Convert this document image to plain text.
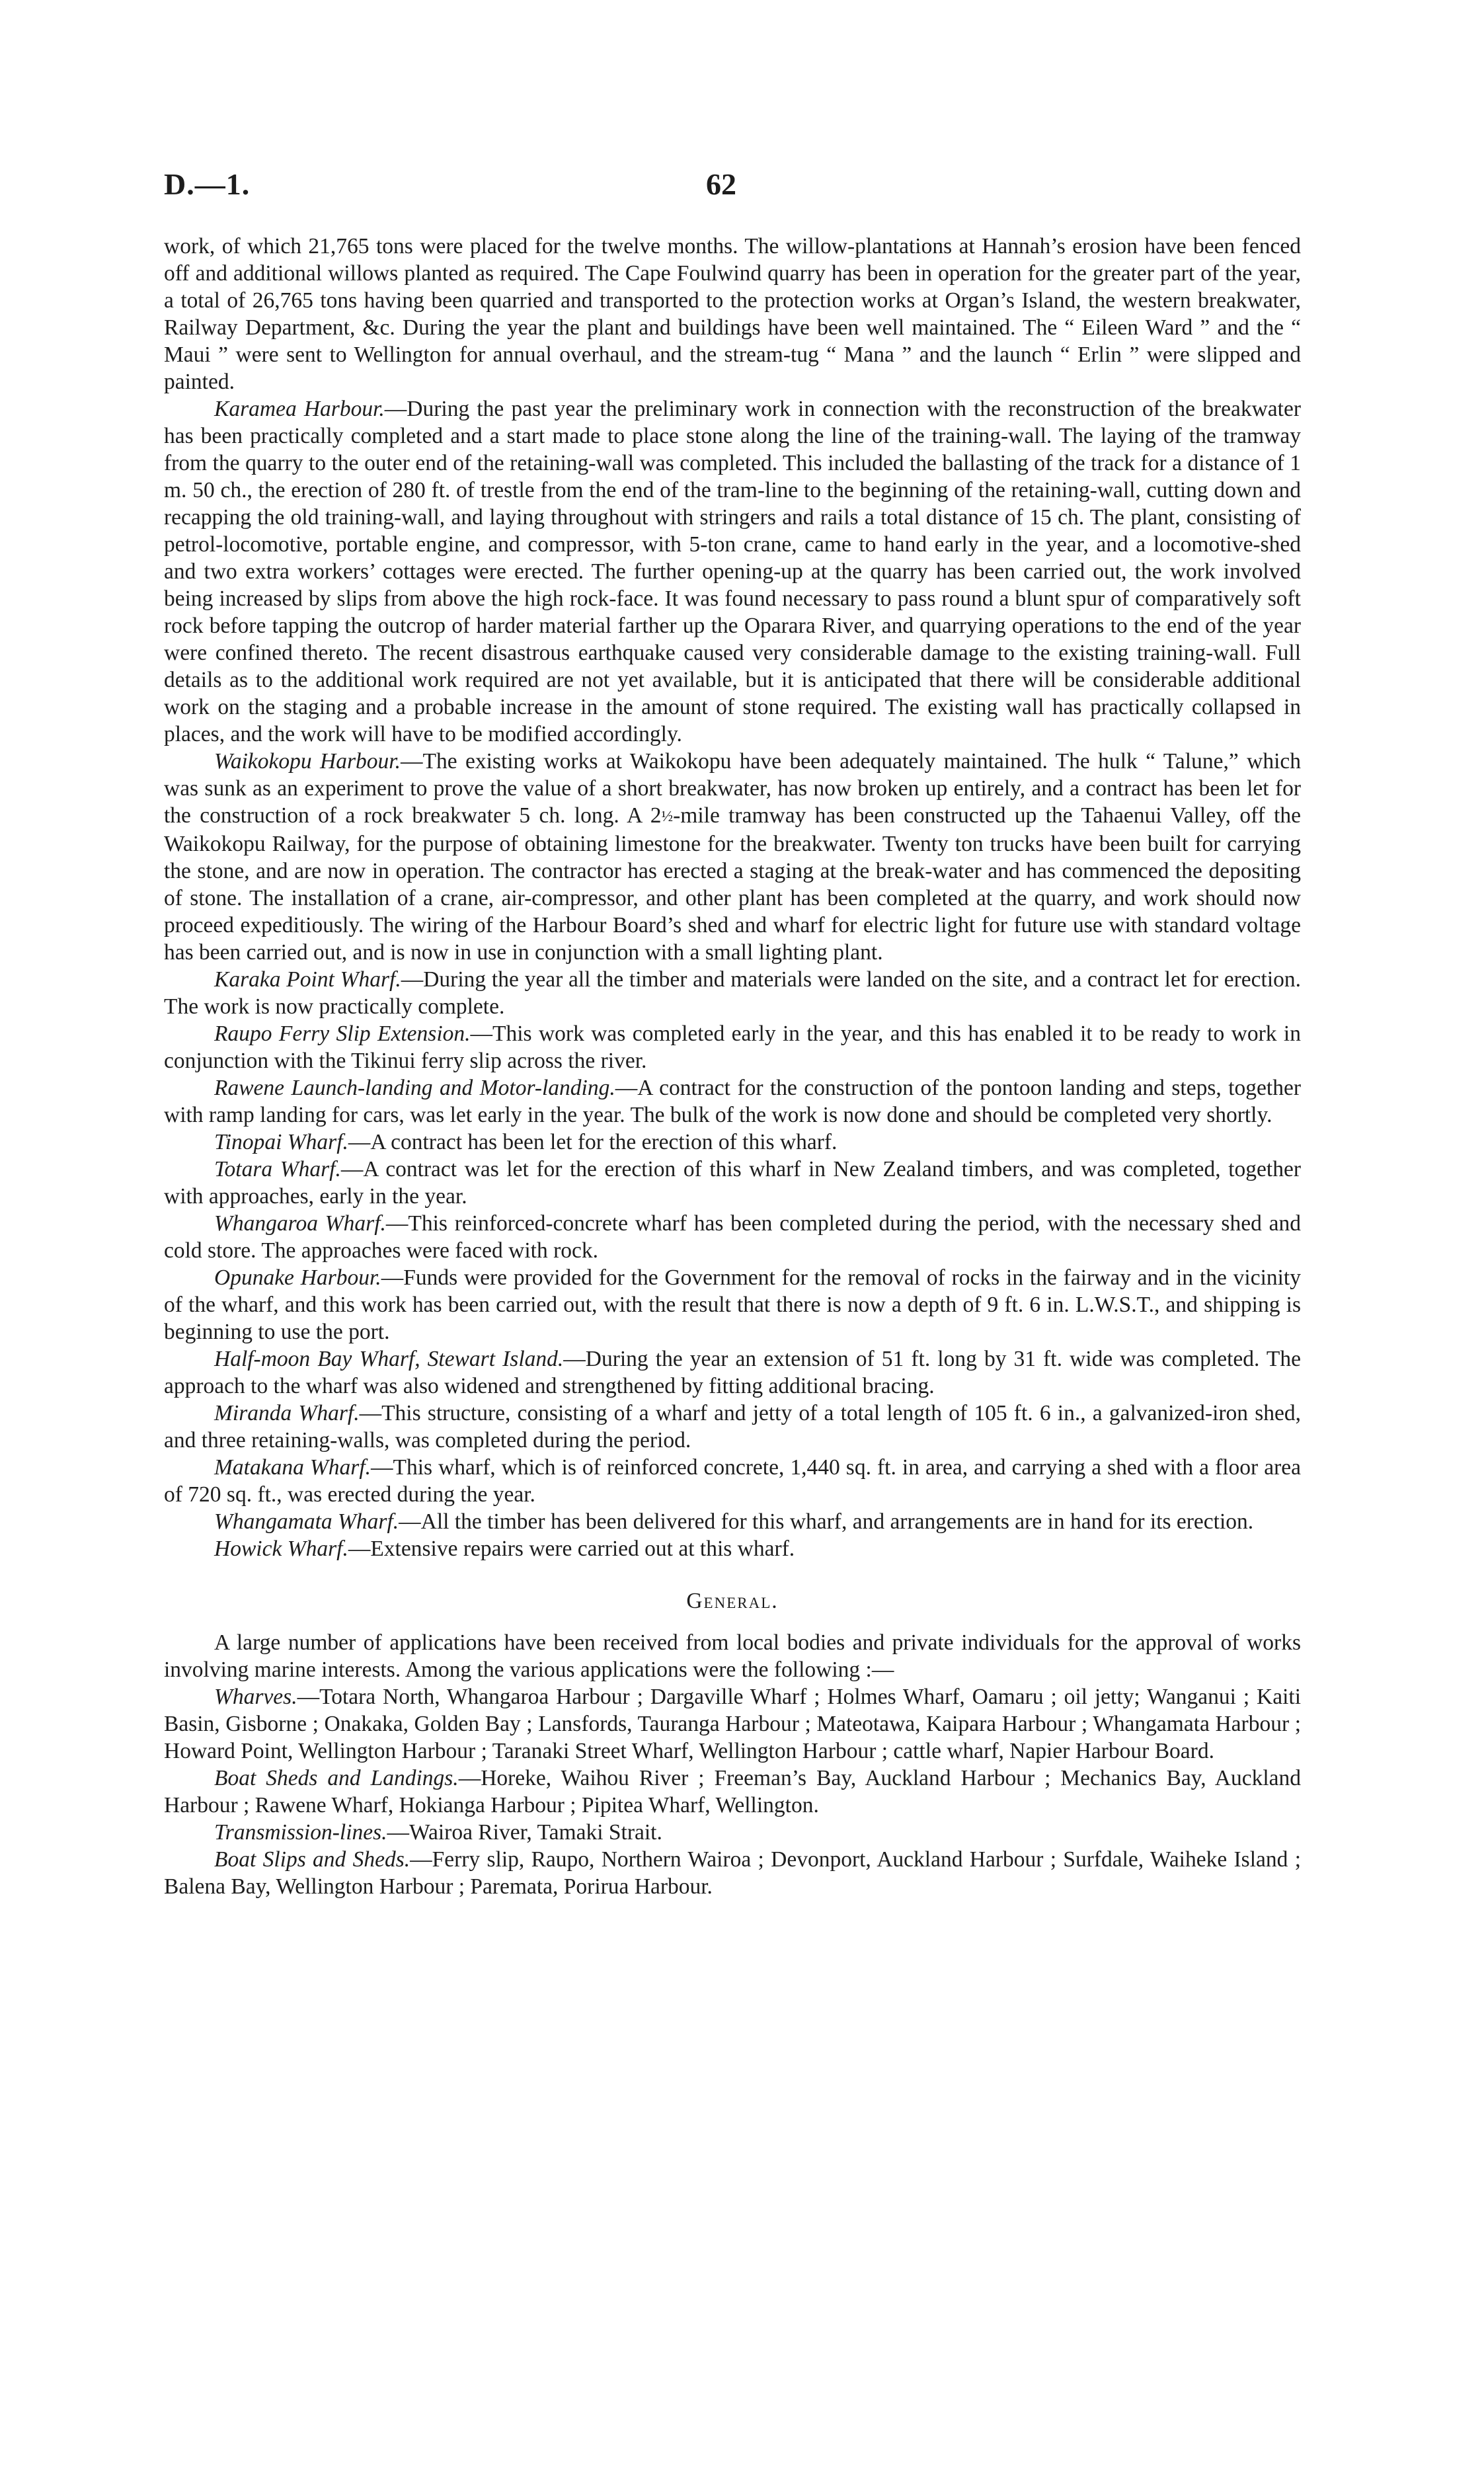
D.—1.	62

work, of which 21,765 tons were placed for the twelve months. The willow-plantations at Hannah’s erosion have been fenced off and additional willows planted as required. The Cape Foulwind quarry has been in operation for the greater part of the year, a total of 26,765 tons having been quarried and transported to the protection works at Organ’s Island, the western breakwater, Railway Department, &c. During the year the plant and buildings have been well maintained. The “ Eileen Ward ” and the “ Maui ” were sent to Wellington for annual overhaul, and the stream-tug “ Mana ” and the launch “ Erlin ” were slipped and painted.

Karamea Harbour.—During the past year the preliminary work in connection with the reconstruction of the breakwater has been practically completed and a start made to place stone along the line of the training-wall. The laying of the tramway from the quarry to the outer end of the retaining-wall was completed. This included the ballasting of the track for a distance of 1 m. 50 ch., the erection of 280 ft. of trestle from the end of the tram-line to the beginning of the retaining-wall, cutting down and recapping the old training-wall, and laying throughout with stringers and rails a total distance of 15 ch. The plant, consisting of petrol-locomotive, portable engine, and compressor, with 5-ton crane, came to hand early in the year, and a locomotive-shed and two extra workers’ cottages were erected. The further opening-up at the quarry has been carried out, the work involved being increased by slips from above the high rock-face. It was found necessary to pass round a blunt spur of comparatively soft rock before tapping the outcrop of harder material farther up the Oparara River, and quarrying operations to the end of the year were confined thereto. The recent disastrous earthquake caused very considerable damage to the existing training-wall. Full details as to the additional work required are not yet available, but it is anticipated that there will be considerable additional work on the staging and a probable increase in the amount of stone required. The existing wall has practically collapsed in places, and the work will have to be modified accordingly.

Waikokopu Harbour.—The existing works at Waikokopu have been adequately maintained. The hulk “ Talune,” which was sunk as an experiment to prove the value of a short breakwater, has now broken up entirely, and a contract has been let for the construction of a rock breakwater 5 ch. long. A 2½-mile tramway has been constructed up the Tahaenui Valley, off the Waikokopu Railway, for the purpose of obtaining limestone for the breakwater. Twenty ton trucks have been built for carrying the stone, and are now in operation. The contractor has erected a staging at the break-water and has commenced the depositing of stone. The installation of a crane, air-compressor, and other plant has been completed at the quarry, and work should now proceed expeditiously. The wiring of the Harbour Board’s shed and wharf for electric light for future use with standard voltage has been carried out, and is now in use in conjunction with a small lighting plant.

Karaka Point Wharf.—During the year all the timber and materials were landed on the site, and a contract let for erection. The work is now practically complete.

Raupo Ferry Slip Extension.—This work was completed early in the year, and this has enabled it to be ready to work in conjunction with the Tikinui ferry slip across the river.

Rawene Launch-landing and Motor-landing.—A contract for the construction of the pontoon landing and steps, together with ramp landing for cars, was let early in the year. The bulk of the work is now done and should be completed very shortly.

Tinopai Wharf.—A contract has been let for the erection of this wharf.

Totara Wharf.—A contract was let for the erection of this wharf in New Zealand timbers, and was completed, together with approaches, early in the year.

Whangaroa Wharf.—This reinforced-concrete wharf has been completed during the period, with the necessary shed and cold store. The approaches were faced with rock.

Opunake Harbour.—Funds were provided for the Government for the removal of rocks in the fairway and in the vicinity of the wharf, and this work has been carried out, with the result that there is now a depth of 9 ft. 6 in. L.W.S.T., and shipping is beginning to use the port.

Half-moon Bay Wharf, Stewart Island.—During the year an extension of 51 ft. long by 31 ft. wide was completed. The approach to the wharf was also widened and strengthened by fitting additional bracing.

Miranda Wharf.—This structure, consisting of a wharf and jetty of a total length of 105 ft. 6 in., a galvanized-iron shed, and three retaining-walls, was completed during the period.

Matakana Wharf.—This wharf, which is of reinforced concrete, 1,440 sq. ft. in area, and carrying a shed with a floor area of 720 sq. ft., was erected during the year.

Whangamata Wharf.—All the timber has been delivered for this wharf, and arrangements are in hand for its erection.

Howick Wharf.—Extensive repairs were carried out at this wharf.

General.

A large number of applications have been received from local bodies and private individuals for the approval of works involving marine interests. Among the various applications were the following :—

Wharves.—Totara North, Whangaroa Harbour ; Dargaville Wharf ; Holmes Wharf, Oamaru ; oil jetty; Wanganui ; Kaiti Basin, Gisborne ; Onakaka, Golden Bay ; Lansfords, Tauranga Harbour ; Mateotawa, Kaipara Harbour ; Whangamata Harbour ; Howard Point, Wellington Harbour ; Taranaki Street Wharf, Wellington Harbour ; cattle wharf, Napier Harbour Board.

Boat Sheds and Landings.—Horeke, Waihou River ; Freeman’s Bay, Auckland Harbour ; Mechanics Bay, Auckland Harbour ; Rawene Wharf, Hokianga Harbour ; Pipitea Wharf, Wellington.

Transmission-lines.—Wairoa River, Tamaki Strait.

Boat Slips and Sheds.—Ferry slip, Raupo, Northern Wairoa ; Devonport, Auckland Harbour ; Surfdale, Waiheke Island ; Balena Bay, Wellington Harbour ; Paremata, Porirua Harbour.
